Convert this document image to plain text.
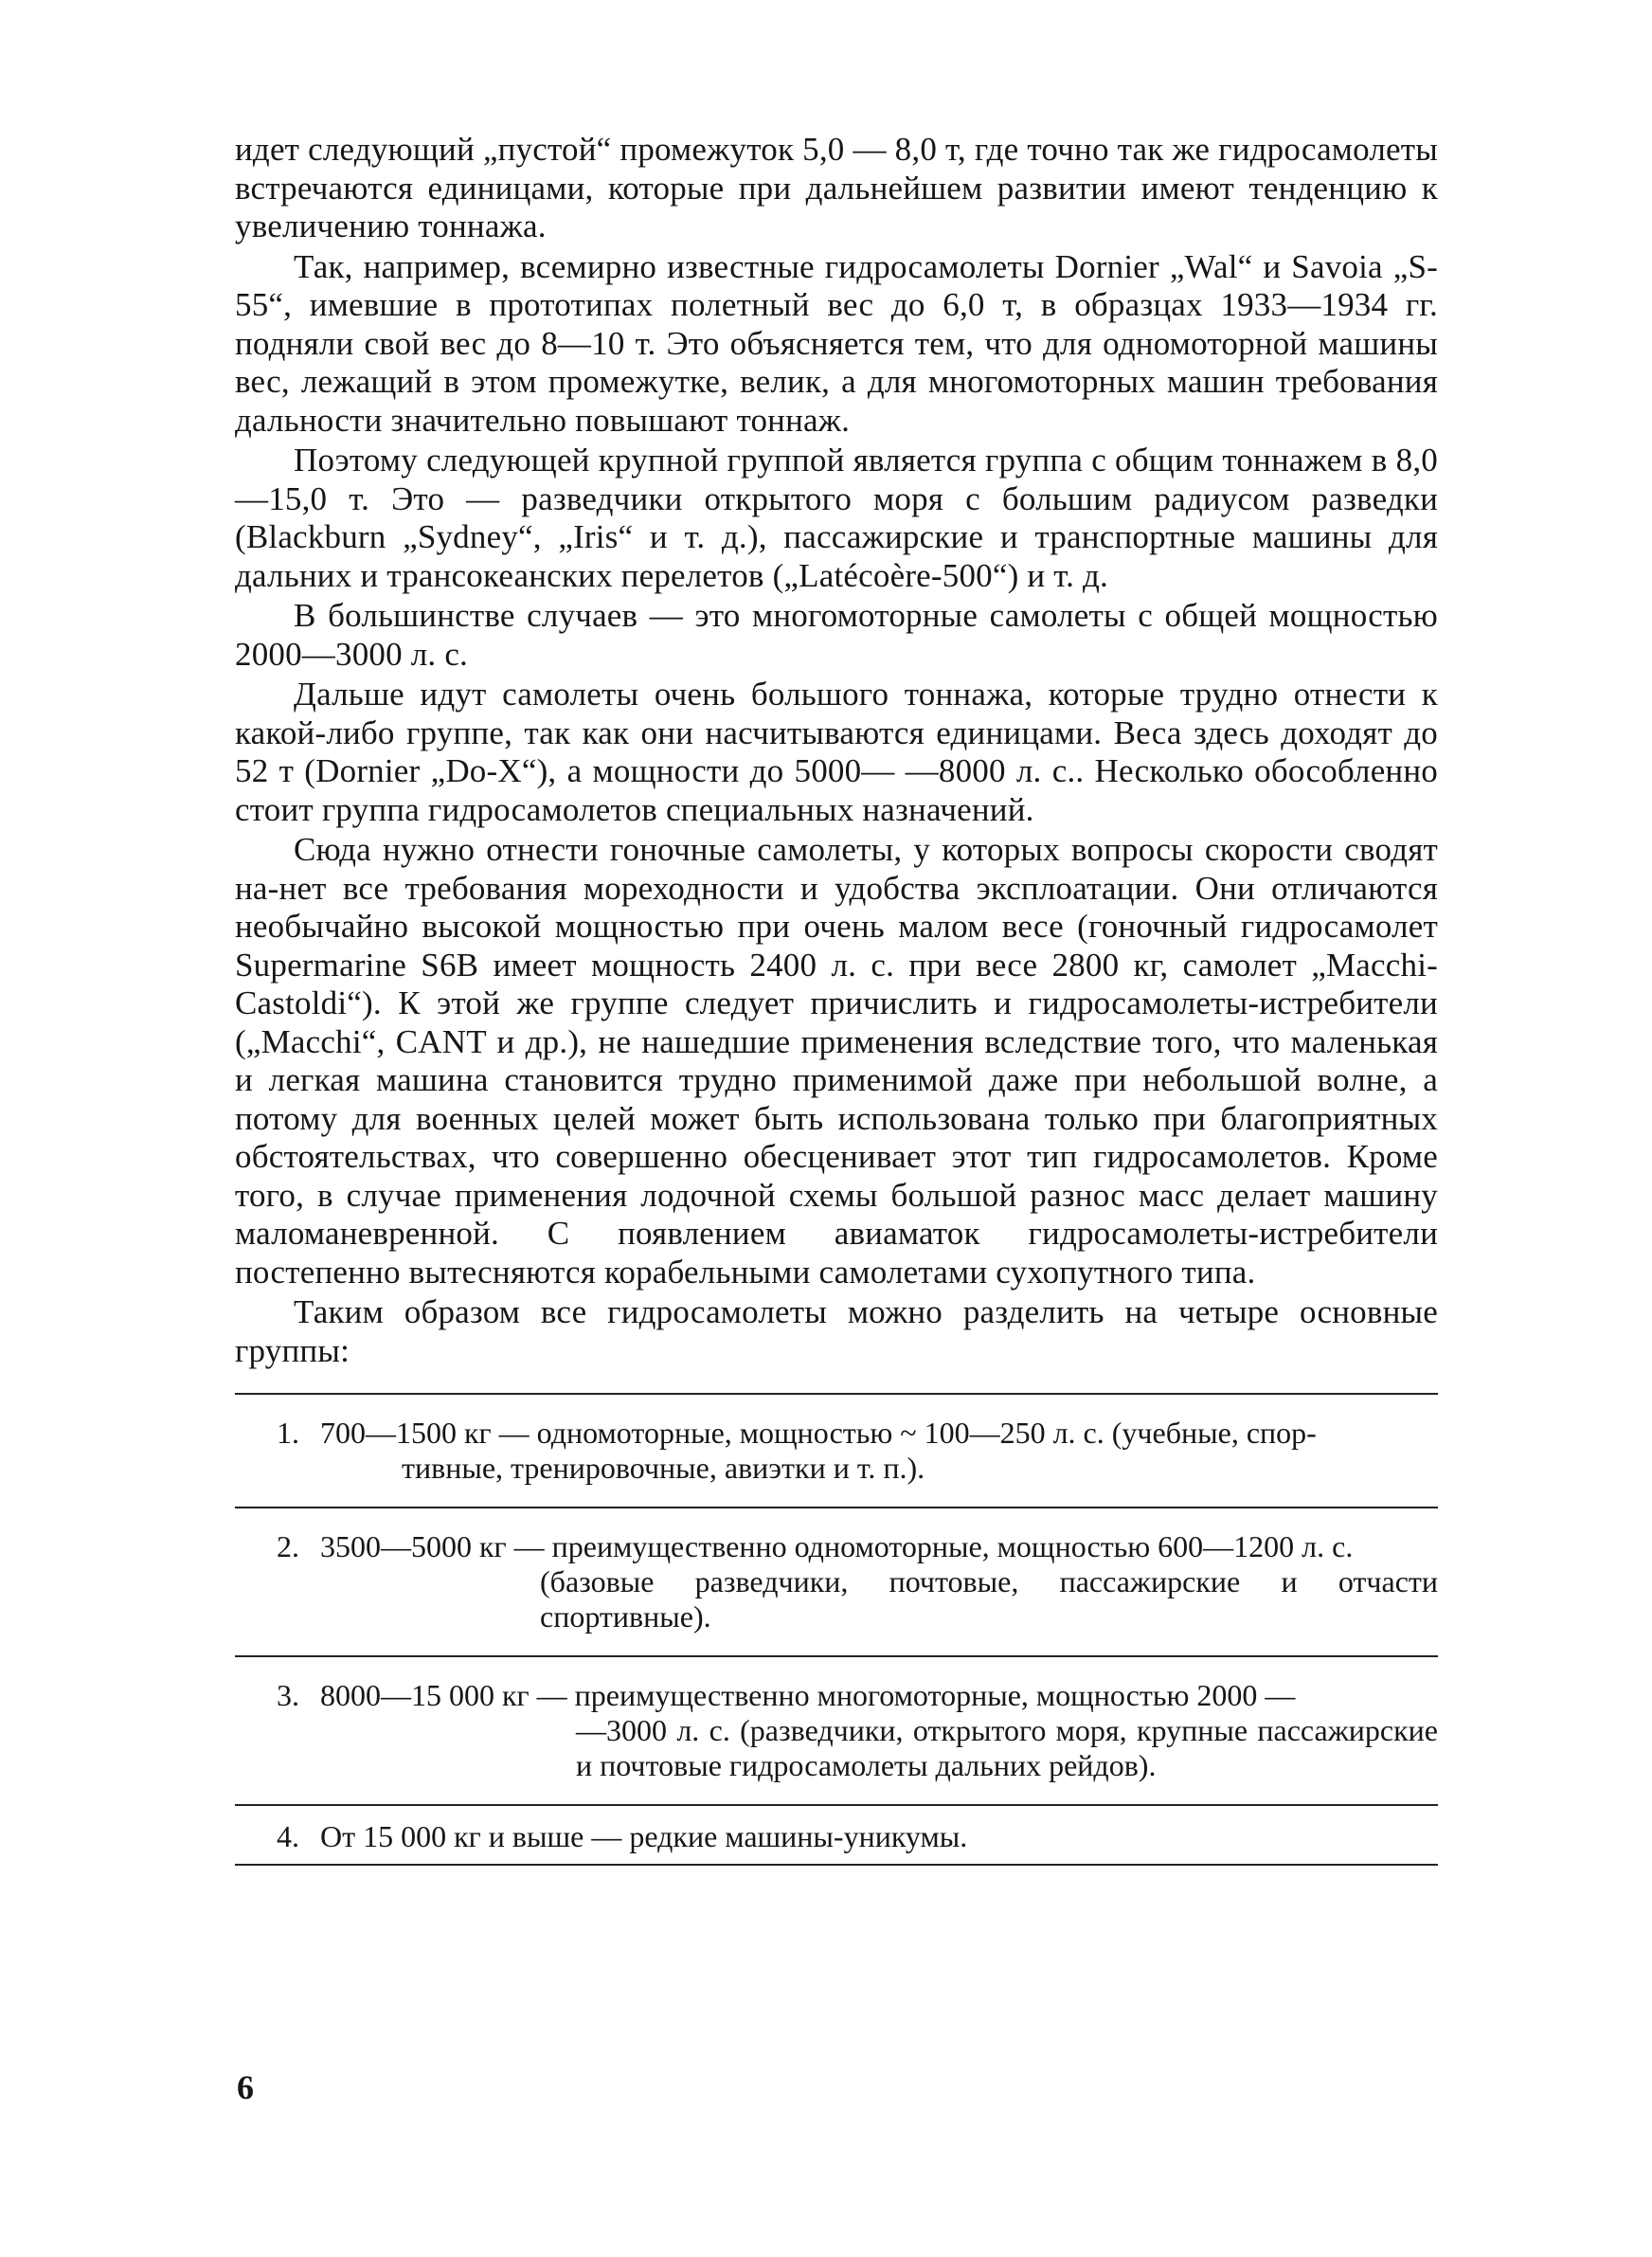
идет следующий „пустой“ промежуток 5,0 — 8,0 т, где точно так же гидросамолеты встречаются единицами, которые при дальнейшем развитии имеют тенденцию к увеличению тоннажа.

Так, например, всемирно известные гидросамолеты Dornier „Wal“ и Savoia „S-55“, имевшие в прототипах полетный вес до 6,0 т, в образцах 1933—1934 гг. подняли свой вес до 8—10 т. Это объясняется тем, что для одномоторной машины вес, лежащий в этом промежутке, велик, а для многомоторных машин требования дальности значительно повышают тоннаж.

Поэтому следующей крупной группой является группа с общим тоннажем в 8,0—15,0 т. Это — разведчики открытого моря с большим радиусом разведки (Blackburn „Sydney“, „Iris“ и т. д.), пассажирские и транспортные машины для дальних и трансокеанских перелетов („Latécoère-500“) и т. д.

В большинстве случаев — это многомоторные самолеты с общей мощностью 2000—3000 л. с.

Дальше идут самолеты очень большого тоннажа, которые трудно отнести к какой-либо группе, так как они насчитываются единицами. Веса здесь доходят до 52 т (Dornier „Do-X“), а мощности до 5000— —8000 л. с.. Несколько обособленно стоит группа гидросамолетов специальных назначений.

Сюда нужно отнести гоночные самолеты, у которых вопросы скорости сводят на-нет все требования мореходности и удобства эксплоатации. Они отличаются необычайно высокой мощностью при очень малом весе (гоночный гидросамолет Supermarine S6B имеет мощность 2400 л. с. при весе 2800 кг, самолет „Macchi-Castoldi“). К этой же группе следует причислить и гидросамолеты-истребители („Macchi“, CANT и др.), не нашедшие применения вследствие того, что маленькая и легкая машина становится трудно применимой даже при небольшой волне, а потому для военных целей может быть использована только при благоприятных обстоятельствах, что совершенно обесценивает этот тип гидросамолетов. Кроме того, в случае применения лодочной схемы большой разнос масс делает машину маломаневренной. С появлением авиаматок гидросамолеты-истребители постепенно вытесняются корабельными самолетами сухопутного типа.

Таким образом все гидросамолеты можно разделить на четыре основные группы:

1. 700—1500 кг — одномоторные, мощностью ~ 100—250 л. с. (учебные, спор-
тивные, тренировочные, авиэтки и т. п.).
2. 3500—5000 кг — преимущественно одномоторные, мощностью 600—1200 л. с.
(базовые разведчики, почтовые, пассажирские и отчасти спортивные).
3. 8000—15 000 кг — преимущественно многомоторные, мощностью 2000 —
—3000 л. с. (разведчики, открытого моря, крупные пассажирские и почтовые гидросамолеты дальних рейдов).
4. От 15 000 кг и выше — редкие машины-уникумы.
6
